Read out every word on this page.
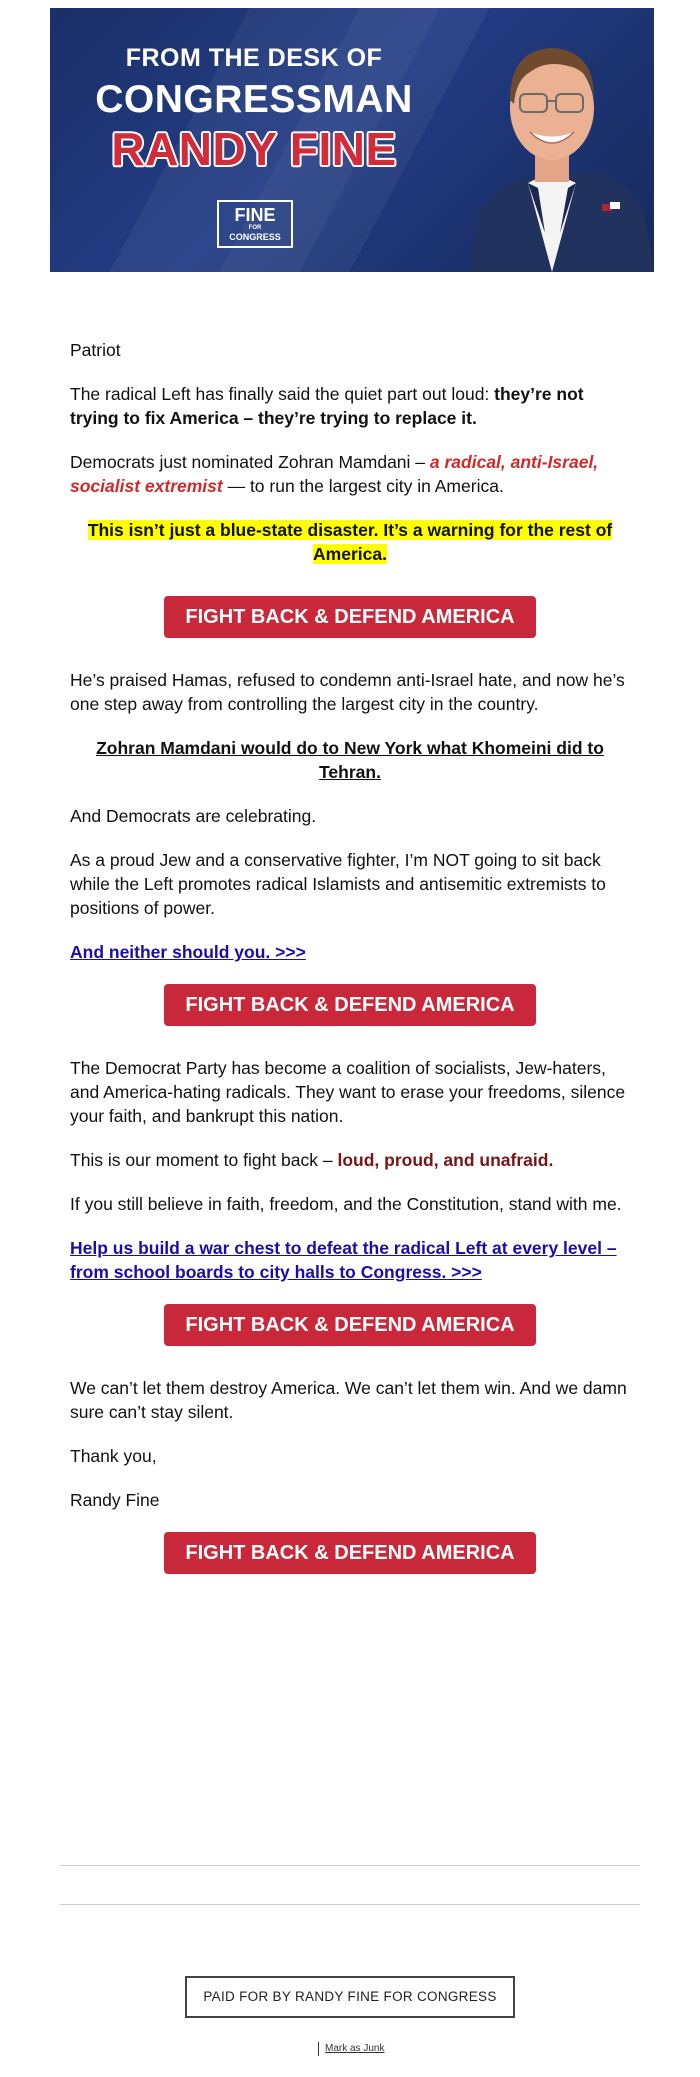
FROM THE DESK OF
CONGRESSMAN
RANDY FINE
FINE
FOR
CONGRESS

Patriot

The radical Left has finally said the quiet part out loud: they’re not trying to fix America – they’re trying to replace it.

Democrats just nominated Zohran Mamdani – a radical, anti-Israel, socialist extremist — to run the largest city in America.

This isn’t just a blue-state disaster. It’s a warning for the rest of America.

FIGHT BACK & DEFEND AMERICA

He’s praised Hamas, refused to condemn anti-Israel hate, and now he’s one step away from controlling the largest city in the country.

Zohran Mamdani would do to New York what Khomeini did to Tehran.

And Democrats are celebrating.

As a proud Jew and a conservative fighter, I’m NOT going to sit back while the Left promotes radical Islamists and antisemitic extremists to positions of power.

And neither should you. >>>

FIGHT BACK & DEFEND AMERICA

The Democrat Party has become a coalition of socialists, Jew-haters, and America-hating radicals. They want to erase your freedoms, silence your faith, and bankrupt this nation.

This is our moment to fight back – loud, proud, and unafraid.

If you still believe in faith, freedom, and the Constitution, stand with me.

Help us build a war chest to defeat the radical Left at every level – from school boards to city halls to Congress. >>>

FIGHT BACK & DEFEND AMERICA

We can’t let them destroy America. We can’t let them win. And we damn sure can’t stay silent.

Thank you,

Randy Fine

FIGHT BACK & DEFEND AMERICA
PAID FOR BY RANDY FINE FOR CONGRESS
Mark as Junk
